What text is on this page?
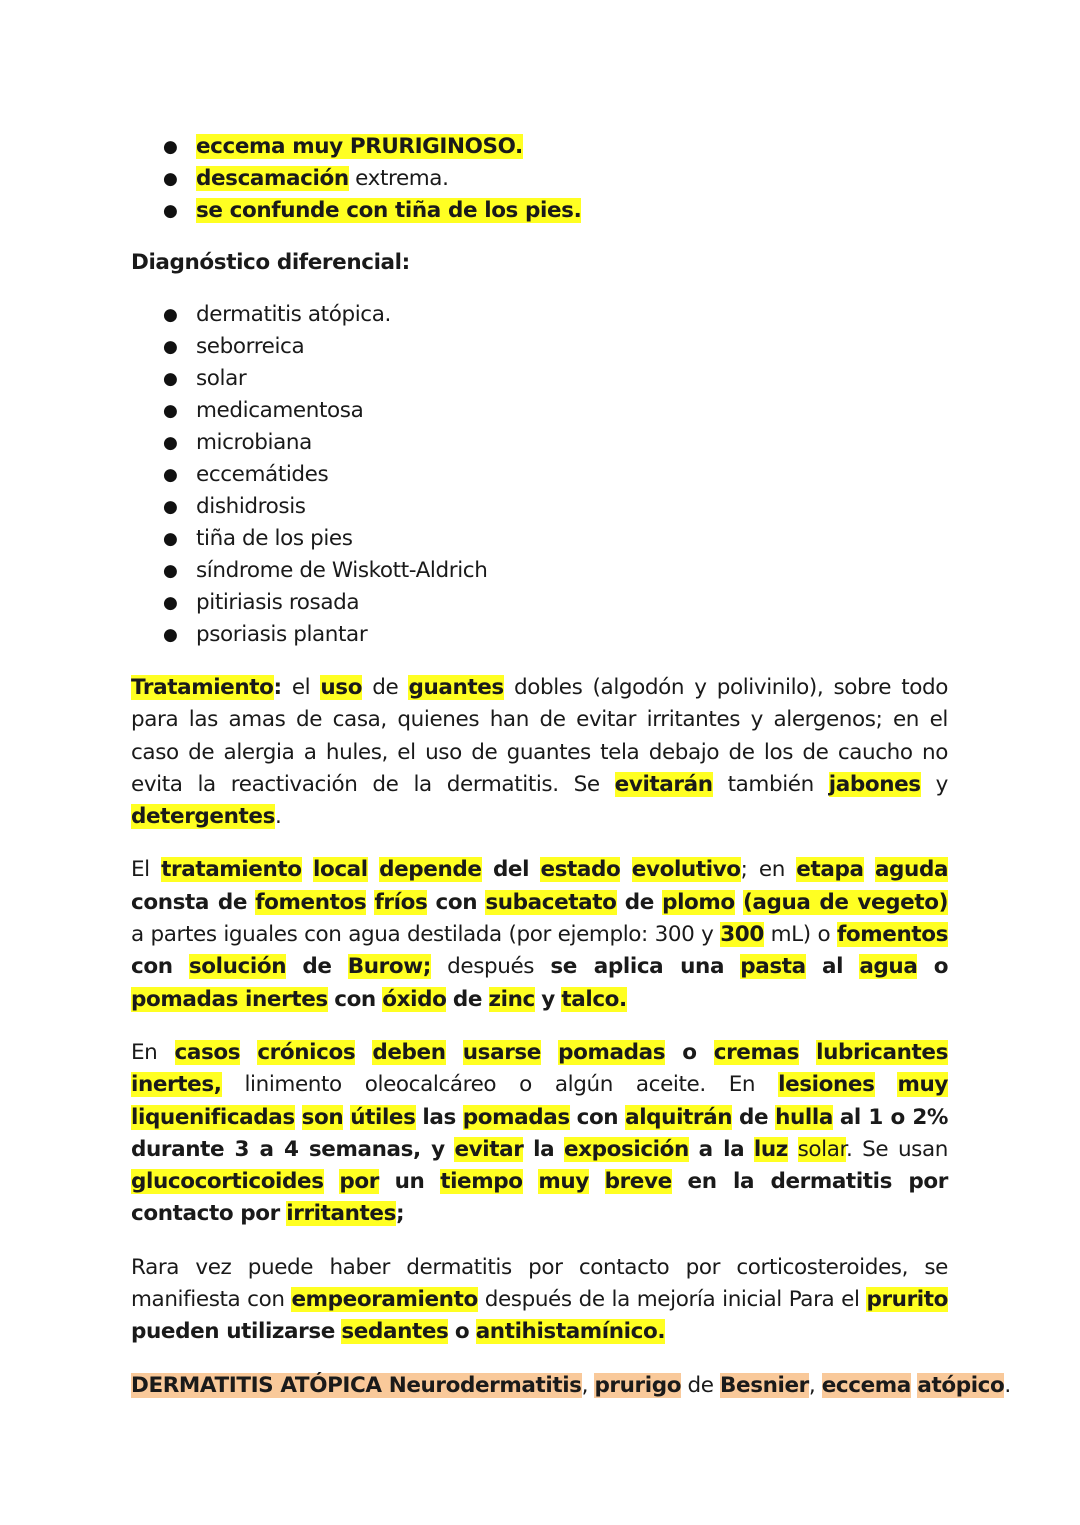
● eccema muy PRURIGINOSO.
● descamación extrema.
● se confunde con tiña de los pies.
Diagnóstico diferencial:
● dermatitis atópica.
● seborreica
● solar
● medicamentosa
● microbiana
● eccemátides
● dishidrosis
● tiña de los pies
● síndrome de Wiskott-Aldrich
● pitiriasis rosada
● psoriasis plantar

Tratamiento: el uso de guantes dobles (algodón y polivinilo), sobre todo para las amas de casa, quienes han de evitar irritantes y alergenos; en el caso de alergia a hules, el uso de guantes tela debajo de los de caucho no evita la reactivación de la dermatitis. Se evitarán también jabones y detergentes.

El tratamiento local depende del estado evolutivo; en etapa aguda consta de fomentos fríos con subacetato de plomo (agua de vegeto) a partes iguales con agua destilada (por ejemplo: 300 y 300 mL) o fomentos con solución de Burow; después se aplica una pasta al agua o pomadas inertes con óxido de zinc y talco.

En casos crónicos deben usarse pomadas o cremas lubricantes inertes, linimento oleocalcáreo o algún aceite. En lesiones muy liquenificadas son útiles las pomadas con alquitrán de hulla al 1 o 2% durante 3 a 4 semanas, y evitar la exposición a la luz solar. Se usan glucocorticoides por un tiempo muy breve en la dermatitis por contacto por irritantes;

Rara vez puede haber dermatitis por contacto por corticosteroides, se manifiesta con empeoramiento después de la mejoría inicial Para el prurito pueden utilizarse sedantes o antihistamínico.

DERMATITIS ATÓPICA Neurodermatitis, prurigo de Besnier, eccema atópico.
